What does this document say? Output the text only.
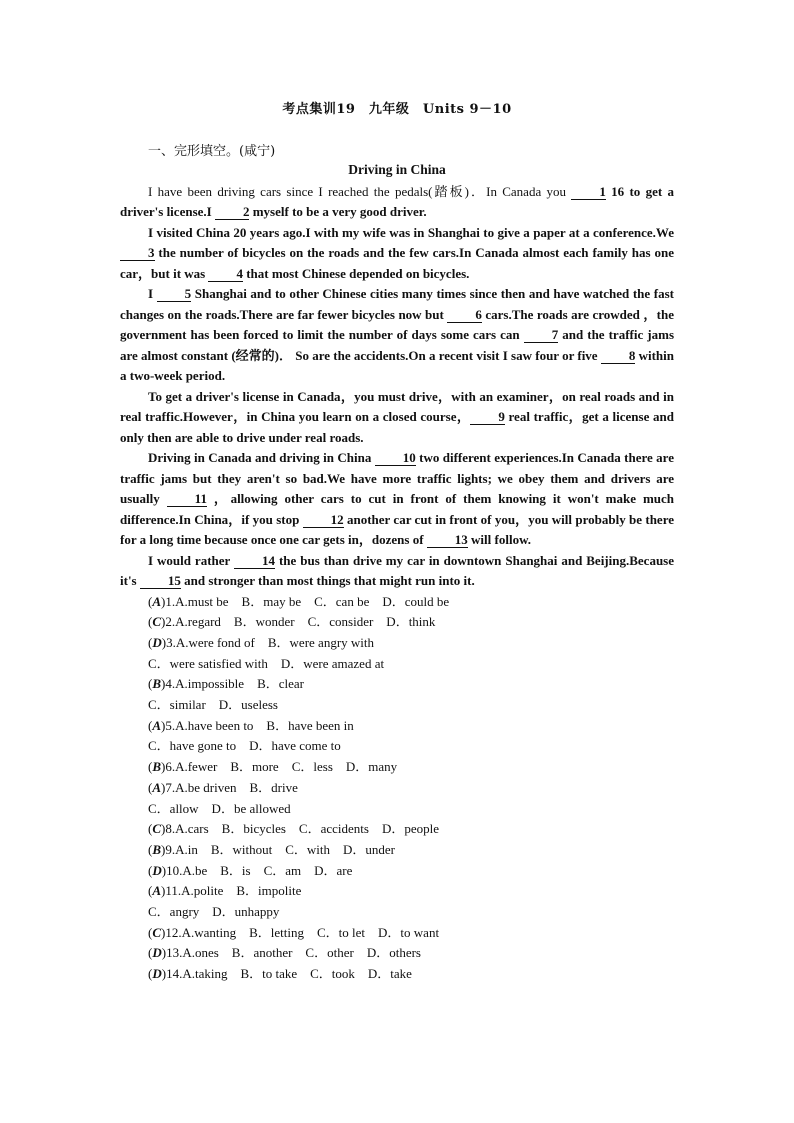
考点集训19　九年级　Units 9－10
一、完形填空。(咸宁)
Driving in China

I have been driving cars since I reached the pedals(踏板)．In Canada you 1 16 to get a driver's license.I 2 myself to be a very good driver.

I visited China 20 years ago.I with my wife was in Shanghai to give a paper at a conference.We 3 the number of bicycles on the roads and the few cars.In Canada almost each family has one car，but it was 4 that most Chinese depended on bicycles.

I 5 Shanghai and to other Chinese cities many times since then and have watched the fast changes on the roads.There are far fewer bicycles now but 6 cars.The roads are crowded ，the government has been forced to limit the number of days some cars can 7 and the traffic jams are almost constant (经常的)． So are the accidents.On a recent visit I saw four or five 8 within a two-week period.

To get a driver's license in Canada，you must drive，with an examiner，on real roads and in real traffic.However，in China you learn on a closed course， 9 real traffic，get a license and only then are able to drive under real roads.

Driving in Canada and driving in China 10 two different experiences.In Canada there are traffic jams but they aren't so bad.We have more traffic lights; we obey them and drivers are usually 11 ，allowing other cars to cut in front of them knowing it won't make much difference.In China，if you stop 12 another car cut in front of you，you will probably be there for a long time because once one car gets in，dozens of 13 will follow.

I would rather 14 the bus than drive my car in downtown Shanghai and Beijing.Because it's 15 and stronger than most things that might run into it.

(A)1.A.must be　B．may be　C．can be　D．could be
(C)2.A.regard　B．wonder　C．consider　D．think
(D)3.A.were fond of　B．were angry with
C．were satisfied with　D．were amazed at
(B)4.A.impossible　B．clear
C．similar　D．useless
(A)5.A.have been to　B．have been in
C．have gone to　D．have come to
(B)6.A.fewer　B．more　C．less　D．many
(A)7.A.be driven　B．drive
C．allow　D．be allowed
(C)8.A.cars　B．bicycles　C．accidents　D．people
(B)9.A.in　B．without　C．with　D．under
(D)10.A.be　B．is　C．am　D．are
(A)11.A.polite　B．impolite
C．angry　D．unhappy
(C)12.A.wanting　B．letting　C．to let　D．to want
(D)13.A.ones　B．another　C．other　D．others
(D)14.A.taking　B．to take　C．took　D．take
